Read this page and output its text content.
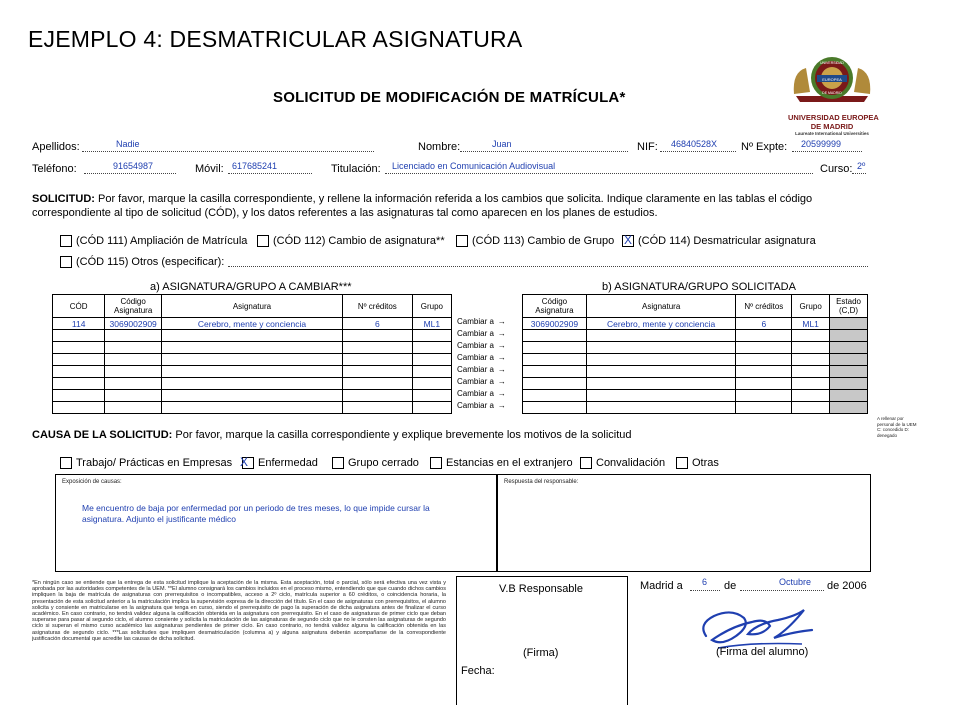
EJEMPLO 4: DESMATRICULAR ASIGNATURA
EUROPEA
UNIVERSIDAD
DE MADRID
UNIVERSIDAD EUROPEA
DE MADRID
Laureate International Universities
SOLICITUD DE MODIFICACIÓN DE MATRÍCULA*
Apellidos:	Nadie	Nombre:	Juan	NIF: 46840528X Nº Expte: 20599999
Teléfono:	91654987	Móvil: 617685241	Titulación: Licenciado en Comunicación Audiovisual	Curso: 2º
SOLICITUD: Por favor, marque la casilla correspondiente, y rellene la información referida a los cambios que solicita. Indique claramente en las tablas el código
correspondiente al tipo de solicitud (CÓD), y los datos referentes a las asignaturas tal como aparecen en los planes de estudios.
(CÓD 111) Ampliación de Matrícula (CÓD 112) Cambio de asignatura** (CÓD 113) Cambio de Grupo X (CÓD 114) Desmatricular asignatura
(CÓD 115) Otros (especificar):
a) ASIGNATURA/GRUPO A CAMBIAR***	b) ASIGNATURA/GRUPO SOLICITADA
CÓD	Código Asignatura	Asignatura	Nº créditos	Grupo
114	3069002909	Cerebro, mente y conciencia	6	ML1

				Cambiar a →
Cambiar a →
Cambiar a →
Cambiar a →
Cambiar a →
Cambiar a →
Cambiar a →
Cambiar a →
Código Asignatura	Asignatura	Nº créditos	Grupo	Estado (C,D)
3069002909	Cerebro, mente y conciencia	6	ML1	

A rellenar por personal de la UEM C: concedido D: denegado
CAUSA DE LA SOLICITUD: Por favor, marque la casilla correspondiente y explique brevemente los motivos de la solicitud
Trabajo/ Prácticas en Empresas X Enfermedad	Grupo cerrado Estancias en el extranjero Convalidación Otras
Exposición de causas:
Me encuentro de baja por enfermedad por un periodo de tres meses, lo que impide cursar la asignatura. Adjunto el justificante médico
Respuesta del responsable:
*En ningún caso se entiende que la entrega de esta solicitud implique la aceptación de la misma. Esta aceptación, total o parcial, sólo será efectiva una vez vista y aprobada por las autoridades competentes de la UEM. **El alumno consignará los cambios incluidos en el proceso mismo, entendiendo que que cuando dichos cambios impliquen la baja de matrícula de asignaturas con prerrequisitos o incompatibles, acceso a 2º ciclo, matrícula superior a 60 créditos, o coincidencia horaria, la presentación de esta solicitud anterior a la matriculación implica la supervisión expresa de la dirección del título. En el caso de asignaturas con prerrequisitos, el alumno solicita y consiente en matricularse en la asignatura que tenga en curso, siendo el prerrequisito de pago la superación de dicha asignatura antes de finalizar el curso académico. En caso contrario, no tendrá validez alguna la calificación obtenida en la asignatura con prerrequisito. En el caso de asignaturas de primer ciclo que deban superarse para pasar al segundo ciclo, el alumno consiente y solicita la matriculación de las asignaturas de segundo ciclo que no le consten las asignaturas de segundo ciclo si superan el mismo curso académico las asignaturas pendientes de primer ciclo. En caso contrario, no tendrá validez alguna la calificación obtenida en las asignaturas de segundo ciclo. ***Las solicitudes que impliquen desmatriculación (columna a) y alguna asignatura deberán acompañarse de la correspondiente justificación documental que acredite las causas de dicha solicitud.
V.B Responsable
(Firma)
Fecha:
Madrid a 6 de	Octubre de 2006
(Firma del alumno)
